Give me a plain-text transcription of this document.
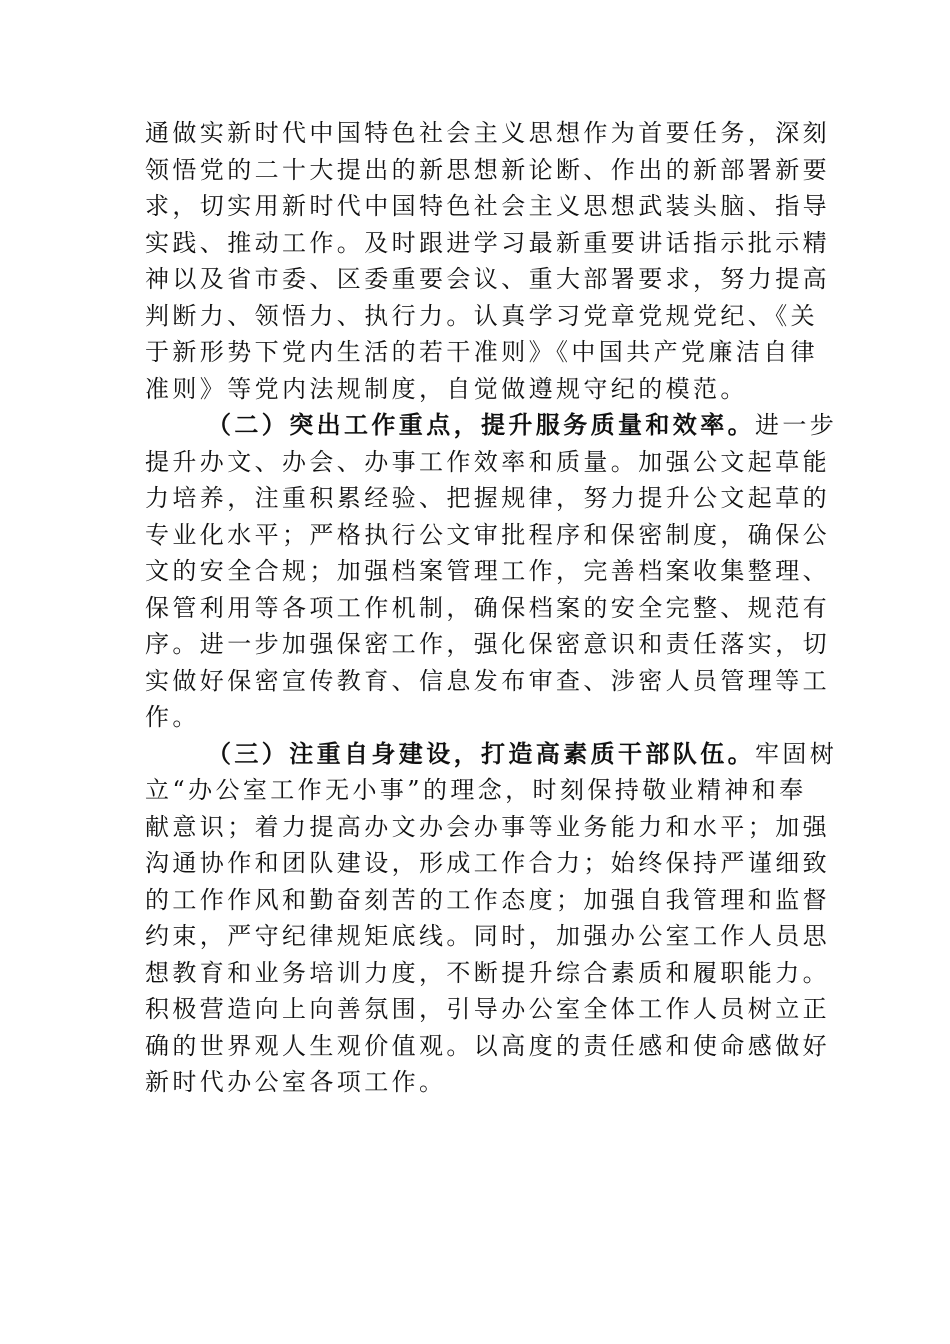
通做实新时代中国特色社会主义思想作为首要任务，深刻
领悟党的二十大提出的新思想新论断、作出的新部署新要
求，切实用新时代中国特色社会主义思想武装头脑、指导
实践、推动工作。及时跟进学习最新重要讲话指示批示精
神以及省市委、区委重要会议、重大部署要求，努力提高
判断力、领悟力、执行力。认真学习党章党规党纪、《关
于新形势下党内生活的若干准则》《中国共产党廉洁自律
准则》等党内法规制度，自觉做遵规守纪的模范。
（二）突出工作重点，提升服务质量和效率。进一步
提升办文、办会、办事工作效率和质量。加强公文起草能
力培养，注重积累经验、把握规律，努力提升公文起草的
专业化水平；严格执行公文审批程序和保密制度，确保公
文的安全合规；加强档案管理工作，完善档案收集整理、
保管利用等各项工作机制，确保档案的安全完整、规范有
序。进一步加强保密工作，强化保密意识和责任落实，切
实做好保密宣传教育、信息发布审查、涉密人员管理等工
作。
（三）注重自身建设，打造高素质干部队伍。牢固树
立“办公室工作无小事”的理念，时刻保持敬业精神和奉
献意识；着力提高办文办会办事等业务能力和水平；加强
沟通协作和团队建设，形成工作合力；始终保持严谨细致
的工作作风和勤奋刻苦的工作态度；加强自我管理和监督
约束，严守纪律规矩底线。同时，加强办公室工作人员思
想教育和业务培训力度，不断提升综合素质和履职能力。
积极营造向上向善氛围，引导办公室全体工作人员树立正
确的世界观人生观价值观。以高度的责任感和使命感做好
新时代办公室各项工作。
